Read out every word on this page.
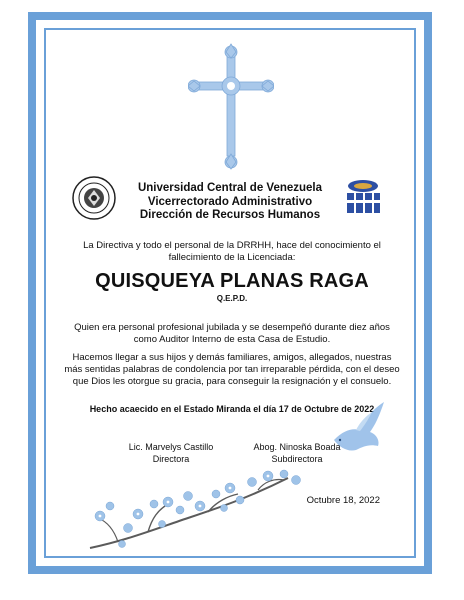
Universidad Central de Venezuela
Vicerrectorado Administrativo
Dirección de Recursos Humanos
La Directiva y todo el personal de la DRRHH, hace del conocimiento el
fallecimiento de la Licenciada:
QUISQUEYA PLANAS RAGA
Q.E.P.D.
Quien era personal profesional jubilada y se desempeñó durante diez años
como Auditor Interno de esta Casa de Estudio.
Hacemos llegar a sus hijos y demás familiares, amigos, allegados, nuestras
más sentidas palabras de condolencia por tan irreparable pérdida, con el deseo
que Dios les otorgue su gracia, para conseguir la resignación y el consuelo.
Hecho acaecido en el Estado Miranda el día 17 de Octubre de 2022
Lic. Marvelys Castillo
Directora
Abog. Ninoska Boada
Subdirectora
Octubre 18, 2022
